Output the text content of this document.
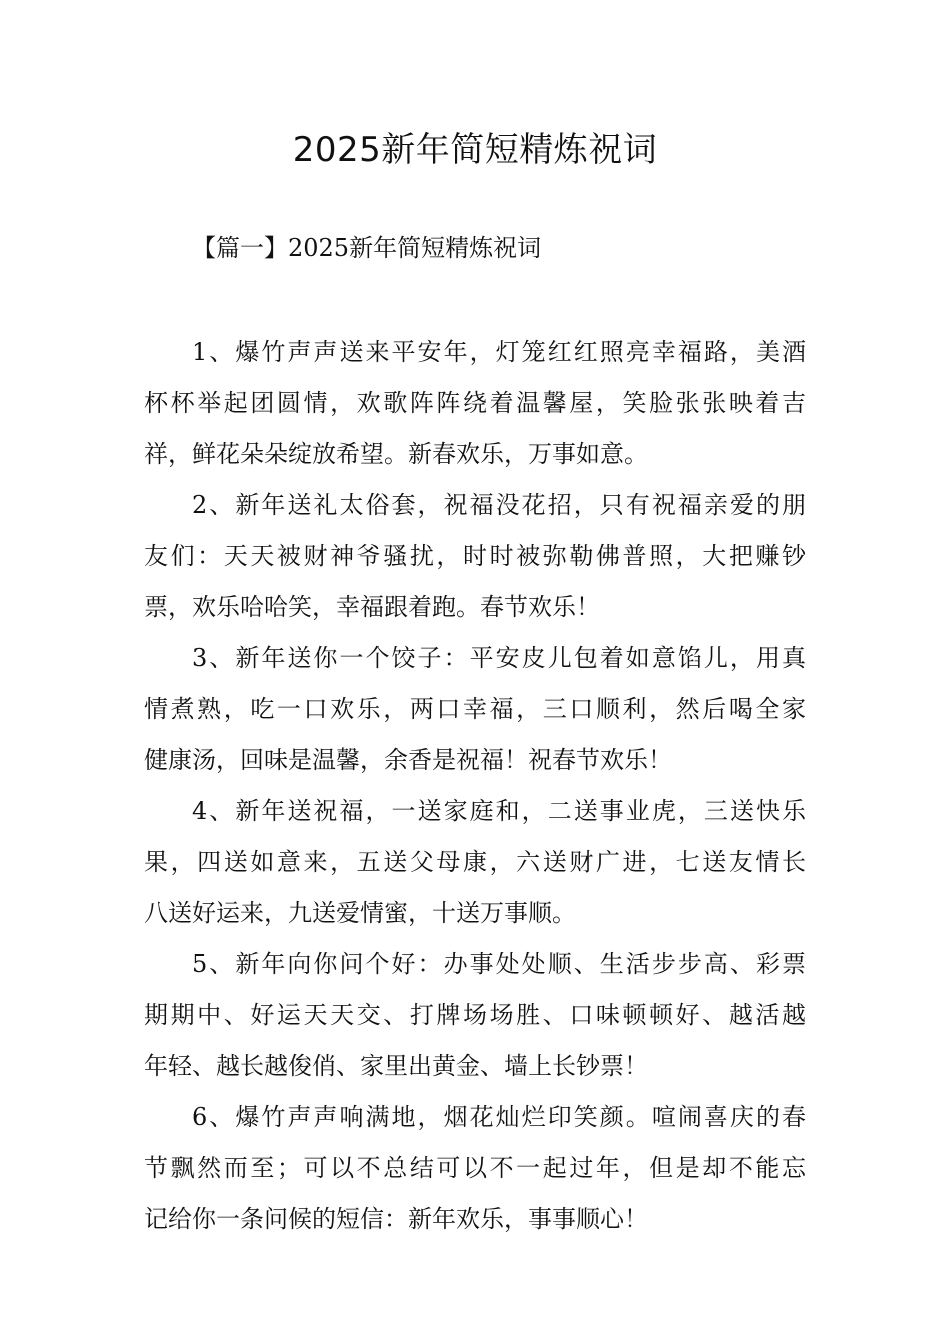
2025新年简短精炼祝词
【篇一】2025新年简短精炼祝词

1、爆竹声声送来平安年，灯笼红红照亮幸福路，美酒
杯杯举起团圆情，欢歌阵阵绕着温馨屋，笑脸张张映着吉
祥，鲜花朵朵绽放希望。新春欢乐，万事如意。

2、新年送礼太俗套，祝福没花招，只有祝福亲爱的朋
友们：天天被财神爷骚扰，时时被弥勒佛普照，大把赚钞
票，欢乐哈哈笑，幸福跟着跑。春节欢乐！

3、新年送你一个饺子：平安皮儿包着如意馅儿，用真
情煮熟，吃一口欢乐，两口幸福，三口顺利，然后喝全家
健康汤，回味是温馨，余香是祝福！祝春节欢乐！

4、新年送祝福，一送家庭和，二送事业虎，三送快乐
果，四送如意来，五送父母康，六送财广进，七送友情长
八送好运来，九送爱情蜜，十送万事顺。

5、新年向你问个好：办事处处顺、生活步步高、彩票
期期中、好运天天交、打牌场场胜、口味顿顿好、越活越
年轻、越长越俊俏、家里出黄金、墙上长钞票！

6、爆竹声声响满地，烟花灿烂印笑颜。喧闹喜庆的春
节飘然而至；可以不总结可以不一起过年，但是却不能忘
记给你一条问候的短信：新年欢乐，事事顺心！
